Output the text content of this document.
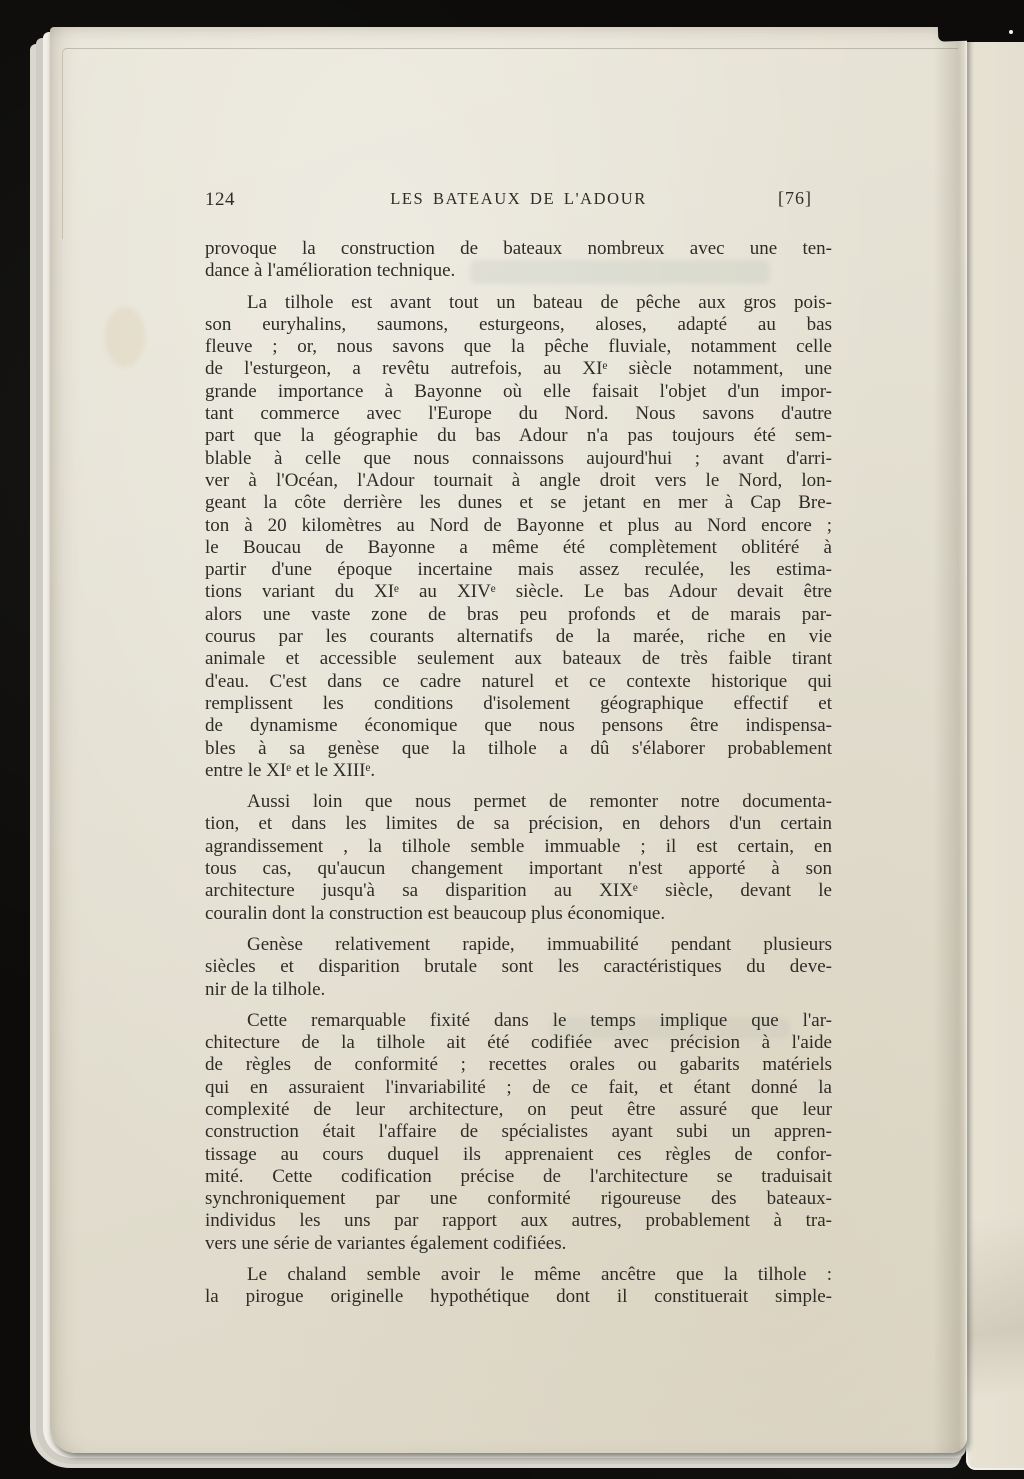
124	LES BATEAUX DE L'ADOUR	[76]

provoque la construction de bateaux nombreux avec une ten-
dance à l'amélioration technique.

La tilhole est avant tout un bateau de pêche aux gros pois-
son euryhalins, saumons, esturgeons, aloses, adapté au bas
fleuve ; or, nous savons que la pêche fluviale, notamment celle
de l'esturgeon, a revêtu autrefois, au XIᵉ siècle notamment, une
grande importance à Bayonne où elle faisait l'objet d'un impor-
tant commerce avec l'Europe du Nord. Nous savons d'autre
part que la géographie du bas Adour n'a pas toujours été sem-
blable à celle que nous connaissons aujourd'hui ; avant d'arri-
ver à l'Océan, l'Adour tournait à angle droit vers le Nord, lon-
geant la côte derrière les dunes et se jetant en mer à Cap Bre-
ton à 20 kilomètres au Nord de Bayonne et plus au Nord encore ;
le Boucau de Bayonne a même été complètement oblitéré à
partir d'une époque incertaine mais assez reculée, les estima-
tions variant du XIᵉ au XIVᵉ siècle. Le bas Adour devait être
alors une vaste zone de bras peu profonds et de marais par-
courus par les courants alternatifs de la marée, riche en vie
animale et accessible seulement aux bateaux de très faible tirant
d'eau. C'est dans ce cadre naturel et ce contexte historique qui
remplissent les conditions d'isolement géographique effectif et
de dynamisme économique que nous pensons être indispensa-
bles à sa genèse que la tilhole a dû s'élaborer probablement
entre le XIᵉ et le XIIIᵉ.

Aussi loin que nous permet de remonter notre documenta-
tion, et dans les limites de sa précision, en dehors d'un certain
agrandissement , la tilhole semble immuable ; il est certain, en
tous cas, qu'aucun changement important n'est apporté à son
architecture jusqu'à sa disparition au XIXᵉ siècle, devant le
couralin dont la construction est beaucoup plus économique.

Genèse relativement rapide, immuabilité pendant plusieurs
siècles et disparition brutale sont les caractéristiques du deve-
nir de la tilhole.

Cette remarquable fixité dans le temps implique que l'ar-
chitecture de la tilhole ait été codifiée avec précision à l'aide
de règles de conformité ; recettes orales ou gabarits matériels
qui en assuraient l'invariabilité ; de ce fait, et étant donné la
complexité de leur architecture, on peut être assuré que leur
construction était l'affaire de spécialistes ayant subi un appren-
tissage au cours duquel ils apprenaient ces règles de confor-
mité. Cette codification précise de l'architecture se traduisait
synchroniquement par une conformité rigoureuse des bateaux-
individus les uns par rapport aux autres, probablement à tra-
vers une série de variantes également codifiées.

Le chaland semble avoir le même ancêtre que la tilhole :
la pirogue originelle hypothétique dont il constituerait simple-
